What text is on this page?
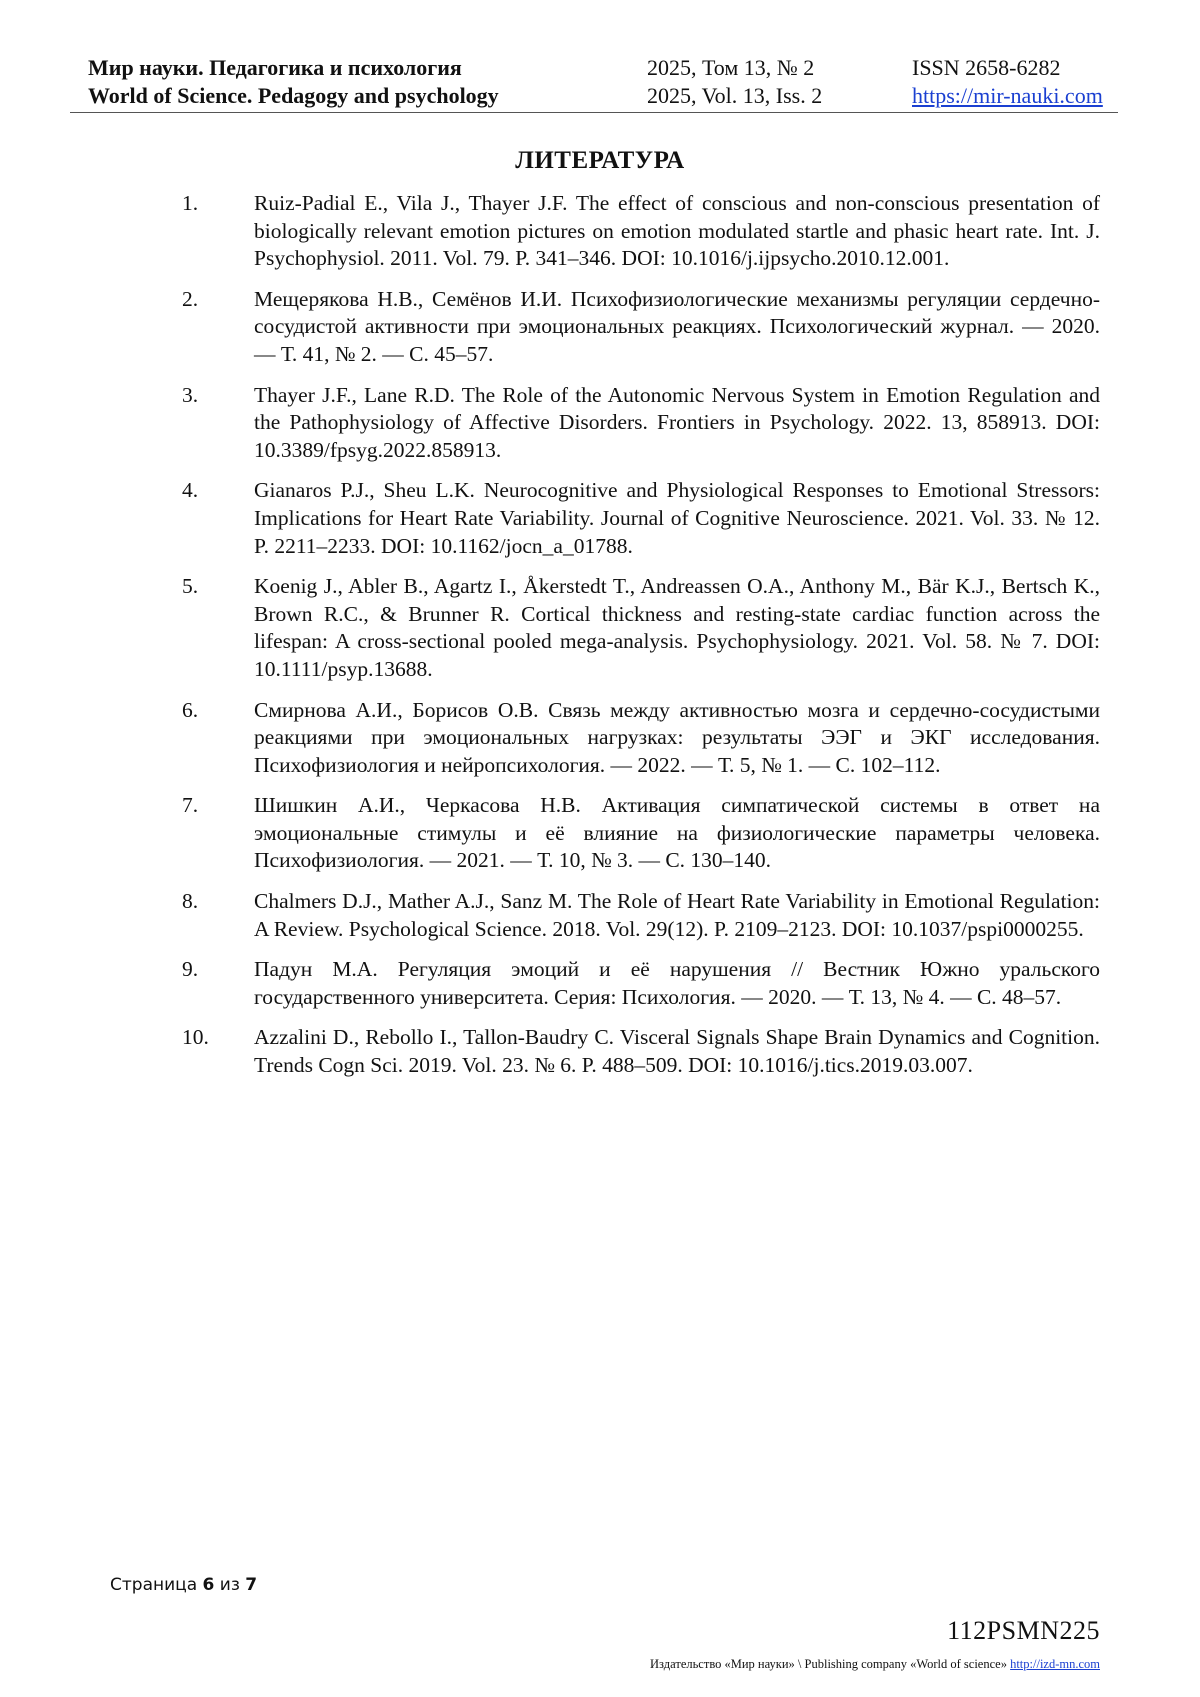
Мир науки. Педагогика и психология
World of Science. Pedagogy and psychology
2025, Том 13, № 2
2025, Vol. 13, Iss. 2
ISSN 2658-6282
https://mir-nauki.com
ЛИТЕРАТУРА
1.	Ruiz-Padial E., Vila J., Thayer J.F. The effect of conscious and non-conscious presentation of biologically relevant emotion pictures on emotion modulated startle and phasic heart rate. Int. J. Psychophysiol. 2011. Vol. 79. P. 341–346. DOI: 10.1016/j.ijpsycho.2010.12.001.
2.	Мещерякова Н.В., Семёнов И.И. Психофизиологические механизмы регуляции сердечно-сосудистой активности при эмоциональных реакциях. Психологический журнал. — 2020. — Т. 41, № 2. — С. 45–57.
3.	Thayer J.F., Lane R.D. The Role of the Autonomic Nervous System in Emotion Regulation and the Pathophysiology of Affective Disorders. Frontiers in Psychology. 2022. 13, 858913. DOI: 10.3389/fpsyg.2022.858913.
4.	Gianaros P.J., Sheu L.K. Neurocognitive and Physiological Responses to Emotional Stressors: Implications for Heart Rate Variability. Journal of Cognitive Neuroscience. 2021. Vol. 33. № 12. P. 2211–2233. DOI: 10.1162/jocn_a_01788.
5.	Koenig J., Abler B., Agartz I., Åkerstedt T., Andreassen O.A., Anthony M., Bär K.J., Bertsch K., Brown R.C., & Brunner R. Cortical thickness and resting-state cardiac function across the lifespan: A cross-sectional pooled mega-analysis. Psychophysiology. 2021. Vol. 58. № 7. DOI: 10.1111/psyp.13688.
6.	Смирнова А.И., Борисов О.В. Связь между активностью мозга и сердечно-сосудистыми реакциями при эмоциональных нагрузках: результаты ЭЭГ и ЭКГ исследования. Психофизиология и нейропсихология. — 2022. — Т. 5, № 1. — С. 102–112.
7.	Шишкин А.И., Черкасова Н.В. Активация симпатической системы в ответ на эмоциональные стимулы и её влияние на физиологические параметры человека. Психофизиология. — 2021. — Т. 10, № 3. — С. 130–140.
8.	Chalmers D.J., Mather A.J., Sanz M. The Role of Heart Rate Variability in Emotional Regulation: A Review. Psychological Science. 2018. Vol. 29(12). P. 2109–2123. DOI: 10.1037/pspi0000255.
9.	Падун М.А. Регуляция эмоций и её нарушения // Вестник Южно уральского государственного университета. Серия: Психология. — 2020. — Т. 13, № 4. — С. 48–57.
10. Azzalini D., Rebollo I., Tallon-Baudry C. Visceral Signals Shape Brain Dynamics and Cognition. Trends Cogn Sci. 2019. Vol. 23. № 6. P. 488–509. DOI: 10.1016/j.tics.2019.03.007.
Страница 6 из 7
112PSMN225
Издательство «Мир науки» \ Publishing company «World of science» http://izd-mn.com
